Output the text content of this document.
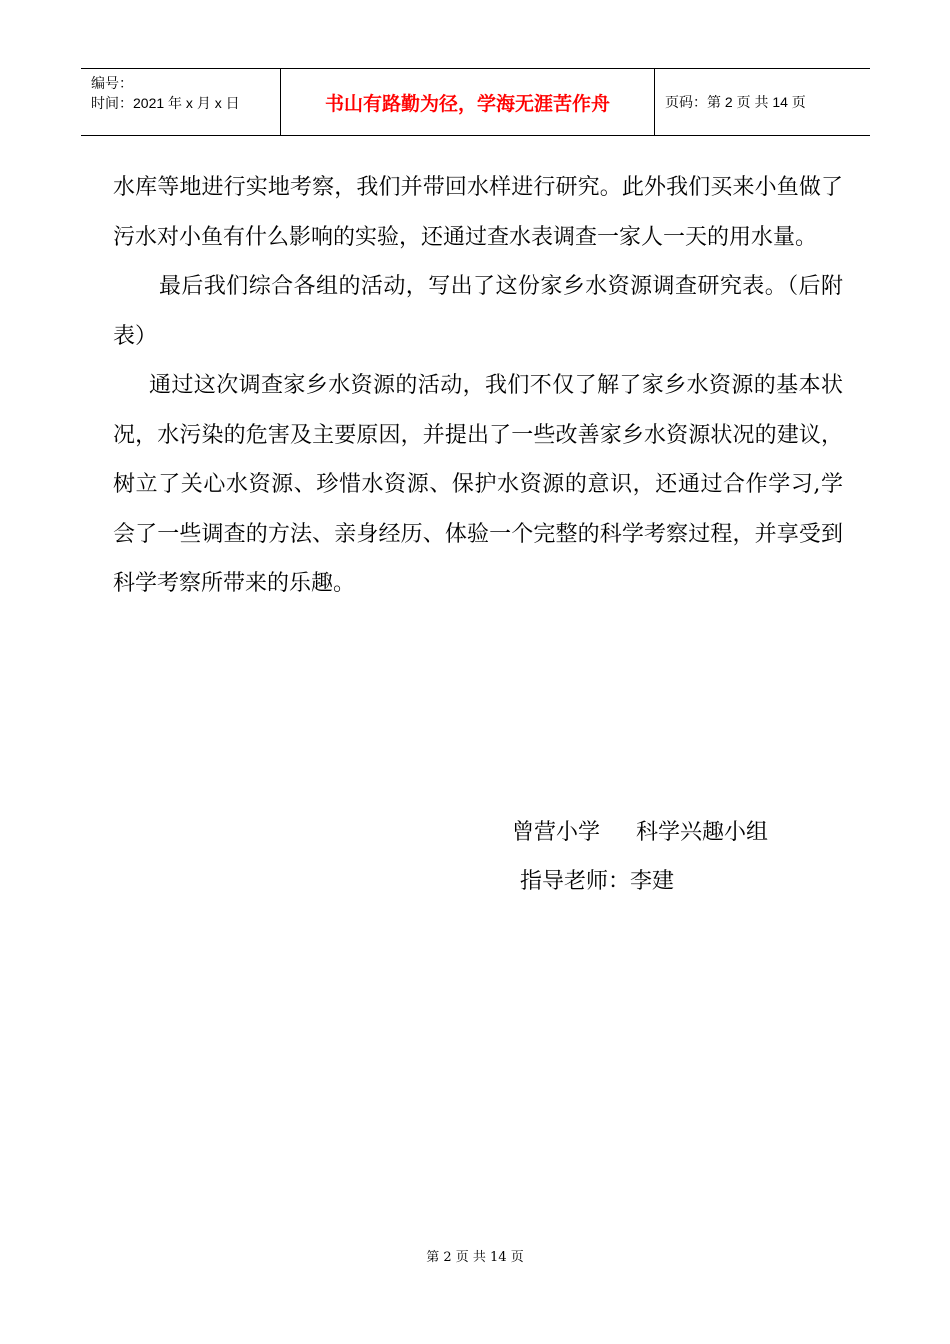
编号：
时间：2021 年 x 月 x 日	书山有路勤为径，学海无涯苦作舟	页码：第 2 页 共 14 页

水库等地进行实地考察，我们并带回水样进行研究。此外我们买来小鱼做了污水对小鱼有什么影响的实验，还通过查水表调查一家人一天的用水量。

最后我们综合各组的活动，写出了这份家乡水资源调查研究表。（后附表）

通过这次调查家乡水资源的活动，我们不仅了解了家乡水资源的基本状况，水污染的危害及主要原因，并提出了一些改善家乡水资源状况的建议，树立了关心水资源、珍惜水资源、保护水资源的意识，还通过合作学习,学会了一些调查的方法、亲身经历、体验一个完整的科学考察过程，并享受到科学考察所带来的乐趣。

曾营小学 科学兴趣小组
指导老师：李建
第 2 页 共 14 页
